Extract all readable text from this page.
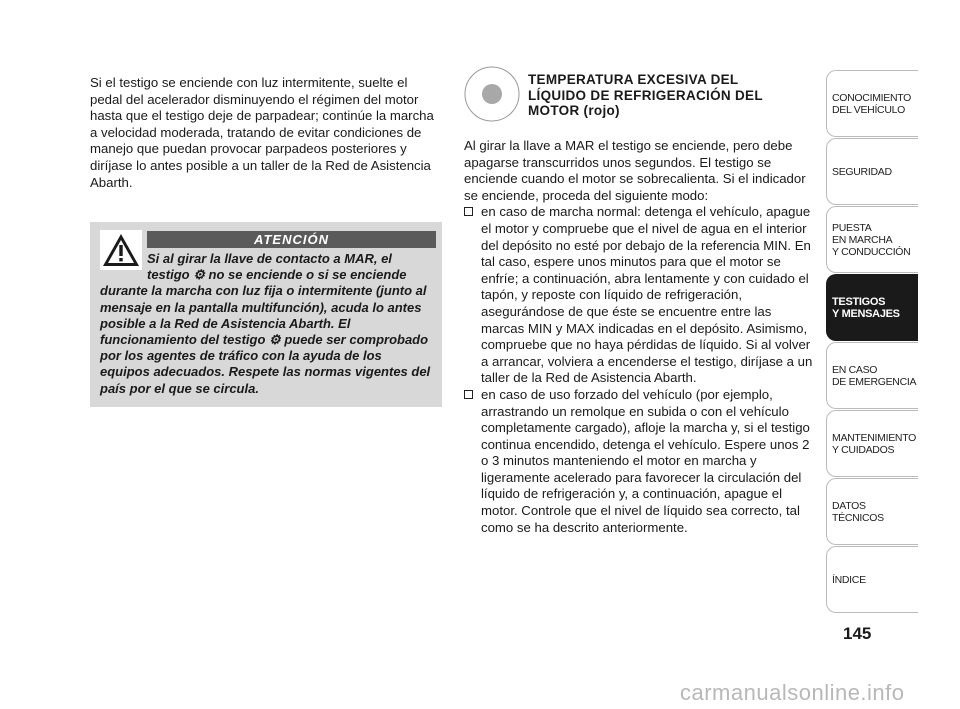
Si el testigo se enciende con luz intermitente, suelte el pedal del acelerador disminuyendo el régimen del motor hasta que el testigo deje de parpadear; continúe la marcha a velocidad moderada, tratando de evitar condiciones de manejo que puedan provocar parpadeos posteriores y diríjase lo antes posible a un taller de la Red de Asistencia Abarth.
ATENCIÓN
Si al girar la llave de contacto a MAR, el testigo ⚙ no se enciende o si se enciende
durante la marcha con luz fija o intermitente (junto al mensaje en la pantalla multifunción), acuda lo antes posible a la Red de Asistencia Abarth. El funcionamiento del testigo ⚙ puede ser comprobado por los agentes de tráfico con la ayuda de los equipos adecuados. Respete las normas vigentes del país por el que se circula.
TEMPERATURA EXCESIVA DEL LÍQUIDO DE REFRIGERACIÓN DEL MOTOR (rojo)
Al girar la llave a MAR el testigo se enciende, pero debe apagarse transcurridos unos segundos. El testigo se enciende cuando el motor se sobrecalienta. Si el indicador se enciende, proceda del siguiente modo:
en caso de marcha normal: detenga el vehículo, apague el motor y compruebe que el nivel de agua en el interior del depósito no esté por debajo de la referencia MIN. En tal caso, espere unos minutos para que el motor se enfríe; a continuación, abra lentamente y con cuidado el tapón, y reposte con líquido de refrigeración, asegurándose de que éste se encuentre entre las marcas MIN y MAX indicadas en el depósito. Asimismo, compruebe que no haya pérdidas de líquido. Si al volver a arrancar, volviera a encenderse el testigo, diríjase a un taller de la Red de Asistencia Abarth.
en caso de uso forzado del vehículo (por ejemplo, arrastrando un remolque en subida o con el vehículo completamente cargado), afloje la marcha y, si el testigo continua encendido, detenga el vehículo. Espere unos 2 o 3 minutos manteniendo el motor en marcha y ligeramente acelerado para favorecer la circulación del líquido de refrigeración y, a continuación, apague el motor. Controle que el nivel de líquido sea correcto, tal como se ha descrito anteriormente.
CONOCIMIENTO
DEL VEHÍCULO
SEGURIDAD
PUESTA
EN MARCHA
Y CONDUCCIÓN
TESTIGOS
Y MENSAJES
EN CASO
DE EMERGENCIA
MANTENIMIENTO
Y CUIDADOS
DATOS TÉCNICOS
ÍNDICE
145
carmanualsonline.info
